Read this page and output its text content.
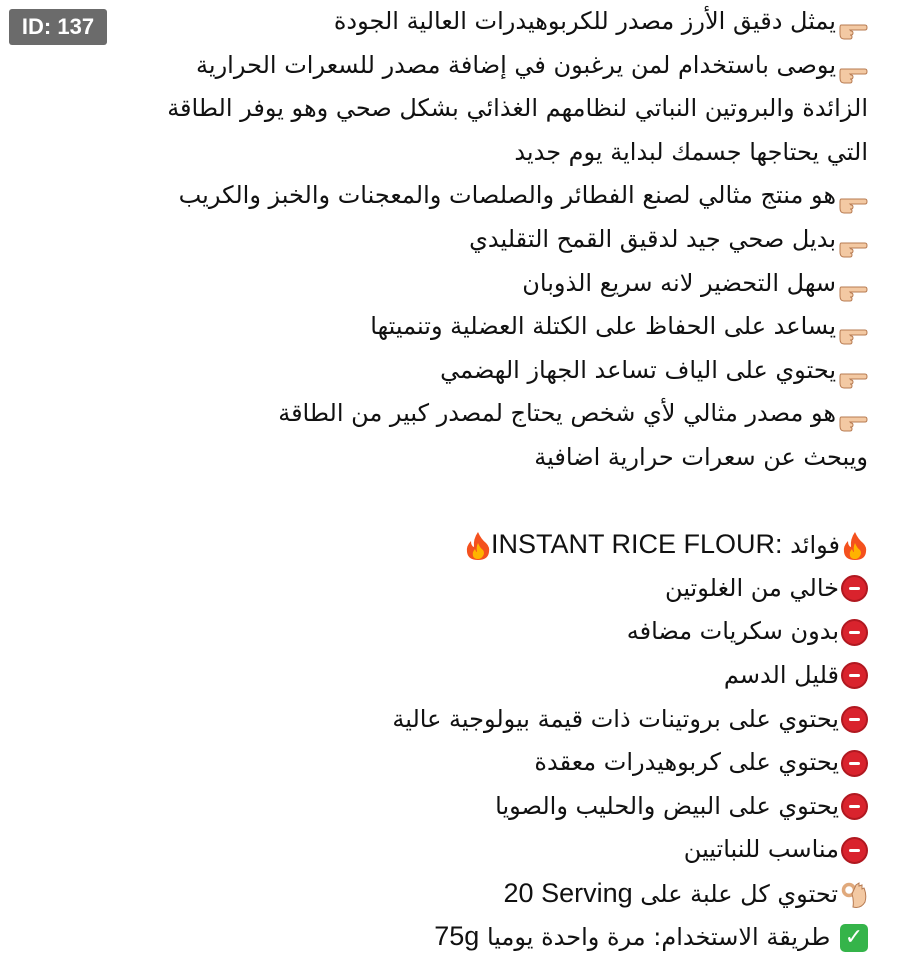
ID: 137	يمثل دقيق الأرز مصدر للكربوهيدرات العالية الجودة
يوصى باستخدام لمن يرغبون في إضافة مصدر للسعرات الحرارية
الزائدة والبروتين النباتي لنظامهم الغذائي بشكل صحي وهو يوفر الطاقة
التي يحتاجها جسمك لبداية يوم جديد
هو منتج مثالي لصنع الفطائر والصلصات والمعجنات والخبز والكريب
بديل صحي جيد لدقيق القمح التقليدي
سهل التحضير لانه سريع الذوبان
يساعد على الحفاظ على الكتلة العضلية وتنميتها
يحتوي على الياف تساعد الجهاز الهضمي
هو مصدر مثالي لأي شخص يحتاج لمصدر كبير من الطاقة
ويبحث عن سعرات حرارية اضافية
فوائد INSTANT RICE FLOUR:
خالي من الغلوتين
بدون سكريات مضافه
قليل الدسم
يحتوي على بروتينات ذات قيمة بيولوجية عالية
يحتوي على كربوهيدرات معقدة
يحتوي على البيض والحليب والصويا
مناسب للنباتيين
تحتوي كل علبة على 20 Serving
✓ طريقة الاستخدام: مرة واحدة يوميا 75g
